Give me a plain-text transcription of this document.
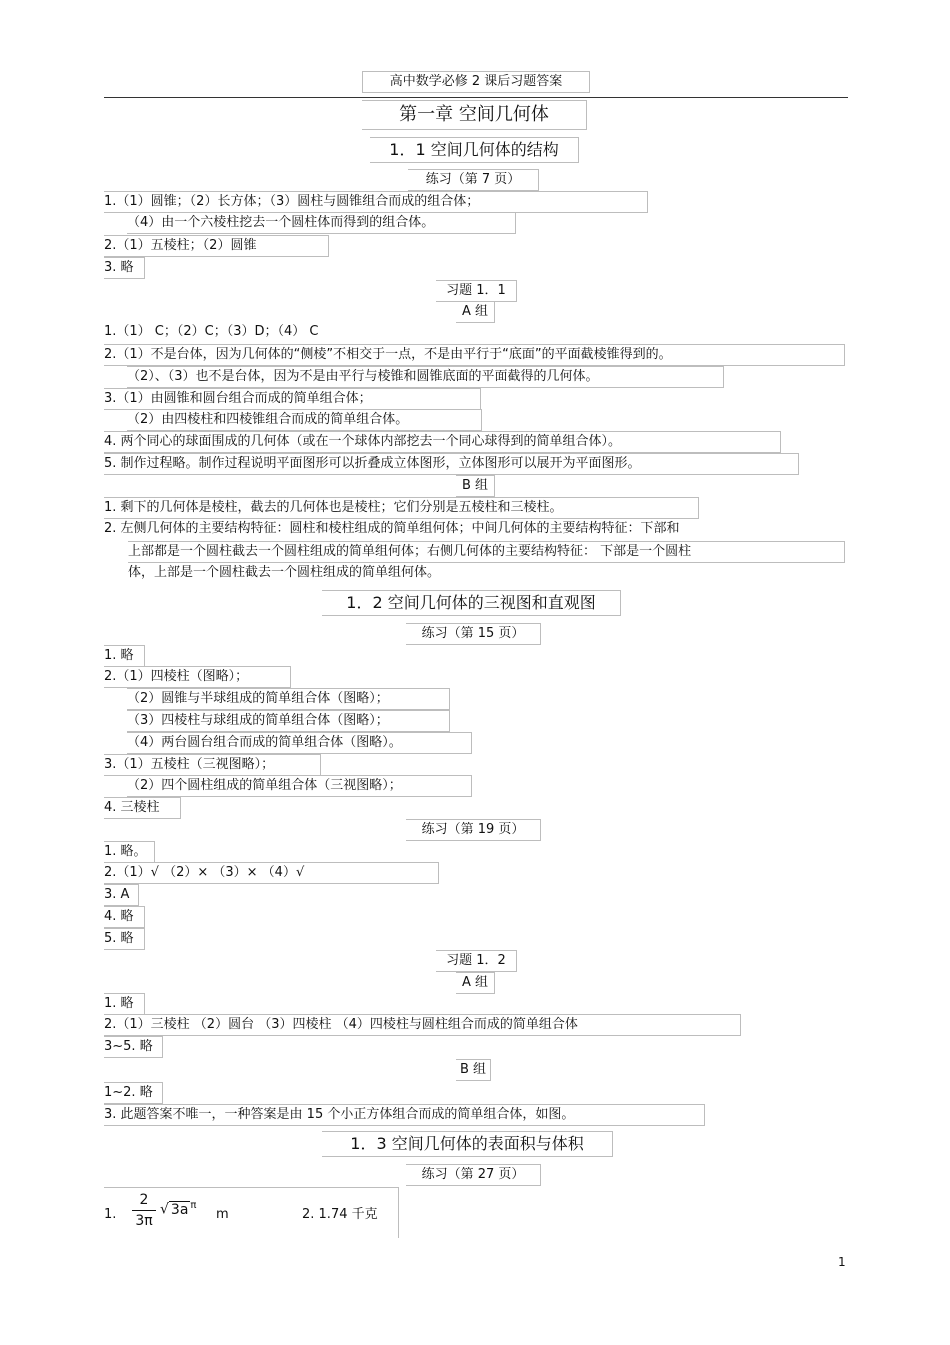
高中数学必修 2 课后习题答案
第一章 空间几何体
1．1 空间几何体的结构
练习（第 7 页）
1.（1）圆锥；（2）长方体；（3）圆柱与圆锥组合而成的组合体；
（4）由一个六棱柱挖去一个圆柱体而得到的组合体。
2.（1）五棱柱；（2）圆锥
3. 略
习题 1．1
A 组
1.（1） C；（2）C；（3）D；（4） C
2.（1）不是台体，因为几何体的“侧棱”不相交于一点，不是由平行于“底面”的平面截棱锥得到的。
（2）、（3）也不是台体，因为不是由平行与棱锥和圆锥底面的平面截得的几何体。
3.（1）由圆锥和圆台组合而成的简单组合体；
（2）由四棱柱和四棱锥组合而成的简单组合体。
4. 两个同心的球面围成的几何体（或在一个球体内部挖去一个同心球得到的简单组合体）。
5. 制作过程略。制作过程说明平面图形可以折叠成立体图形，立体图形可以展开为平面图形。
B 组
1. 剩下的几何体是棱柱，截去的几何体也是棱柱；它们分别是五棱柱和三棱柱。
2. 左侧几何体的主要结构特征：圆柱和棱柱组成的简单组何体；中间几何体的主要结构特征：下部和
上部都是一个圆柱截去一个圆柱组成的简单组何体；右侧几何体的主要结构特征： 下部是一个圆柱
体，上部是一个圆柱截去一个圆柱组成的简单组何体。
1．2 空间几何体的三视图和直观图
练习（第 15 页）
1. 略
2.（1）四棱柱（图略）；
（2）圆锥与半球组成的简单组合体（图略）；
（3）四棱柱与球组成的简单组合体（图略）；
（4）两台圆台组合而成的简单组合体（图略）。
3.（1）五棱柱（三视图略）；
（2）四个圆柱组成的简单组合体（三视图略）；
4. 三棱柱
练习（第 19 页）
1. 略。
2.（1）√ （2）× （3）× （4）√
3. A
4. 略
5. 略
习题 1．2
A 组
1. 略
2.（1）三棱柱 （2）圆台 （3）四棱柱 （4）四棱柱与圆柱组合而成的简单组合体
3~5. 略
B 组
1~2. 略
3. 此题答案不唯一，一种答案是由 15 个小正方体组合而成的简单组合体，如图。
1．3 空间几何体的表面积与体积
练习（第 27 页）
1.
2
3π
√ 3a $^\pi$
m	2. 1.74 千克
1
